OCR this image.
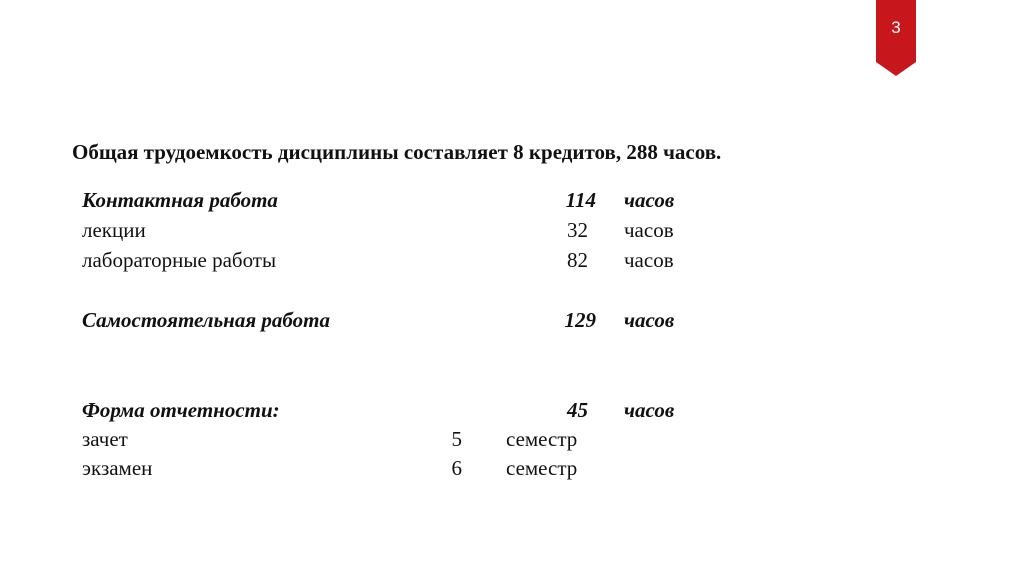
3
Общая трудоемкость дисциплины составляет 8 кредитов, 288 часов.
Контактная работа	114 часов
лекции	32 часов
лабораторные работы	82 часов
Самостоятельная работа	129 часов
Форма отчетности:	45 часов
зачет	5 семестр
экзамен	6 семестр
